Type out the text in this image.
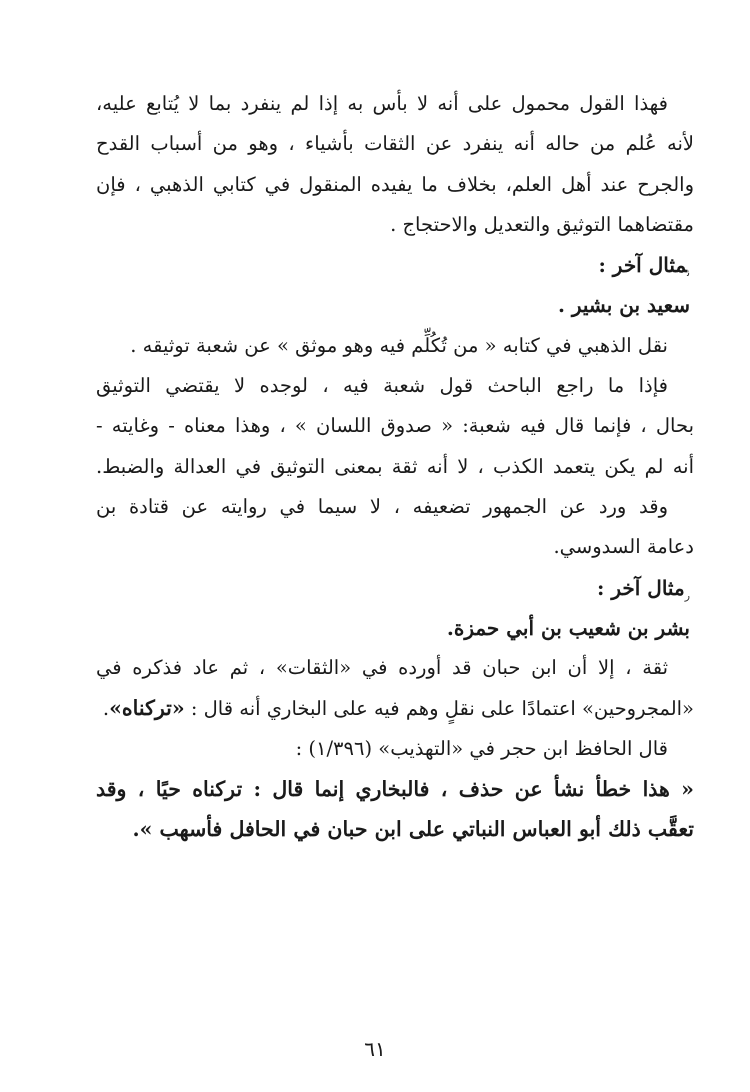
فهذا القول محمول على أنه لا بأس به إذا لم ينفرد بما لا يُتابع عليه،
لأنه عُلم من حاله أنه ينفرد عن الثقات بأشياء ، وهو من أسباب القدح
والجرح عند أهل العلم، بخلاف ما يفيده المنقول في كتابي الذهبي ، فإن
مقتضاهما التوثيق والتعديل والاحتجاج .
$_ن$مثال آخر :
سعيد بن بشير .
نقل الذهبي في كتابه « من تُكُلِّم فيه وهو موثق » عن شعبة توثيقه .
فإذا ما راجع الباحث قول شعبة فيه ، لوجده لا يقتضي التوثيق
بحال ، فإنما قال فيه شعبة: « صدوق اللسان » ، وهذا معناه - وغايته -
أنه لم يكن يتعمد الكذب ، لا أنه ثقة بمعنى التوثيق في العدالة والضبط.
وقد ورد عن الجمهور تضعيفه ، لا سيما في روايته عن قتادة بن
دعامة السدوسي.
$_ر$مثال آخر :
بشر بن شعيب بن أبي حمزة.
ثقة ، إلا أن ابن حبان قد أورده في «الثقات» ، ثم عاد فذكره في
«المجروحين» اعتمادًا على نقلٍ وهم فيه على البخاري أنه قال : «تركناه».
قال الحافظ ابن حجر في «التهذيب» (١/٣٩٦) :
« هذا خطأ نشأ عن حذف ، فالبخاري إنما قال : تركناه حيًا ، وقد
تعقَّب ذلك أبو العباس النباتي على ابن حبان في الحافل فأسهب ».
٦١
